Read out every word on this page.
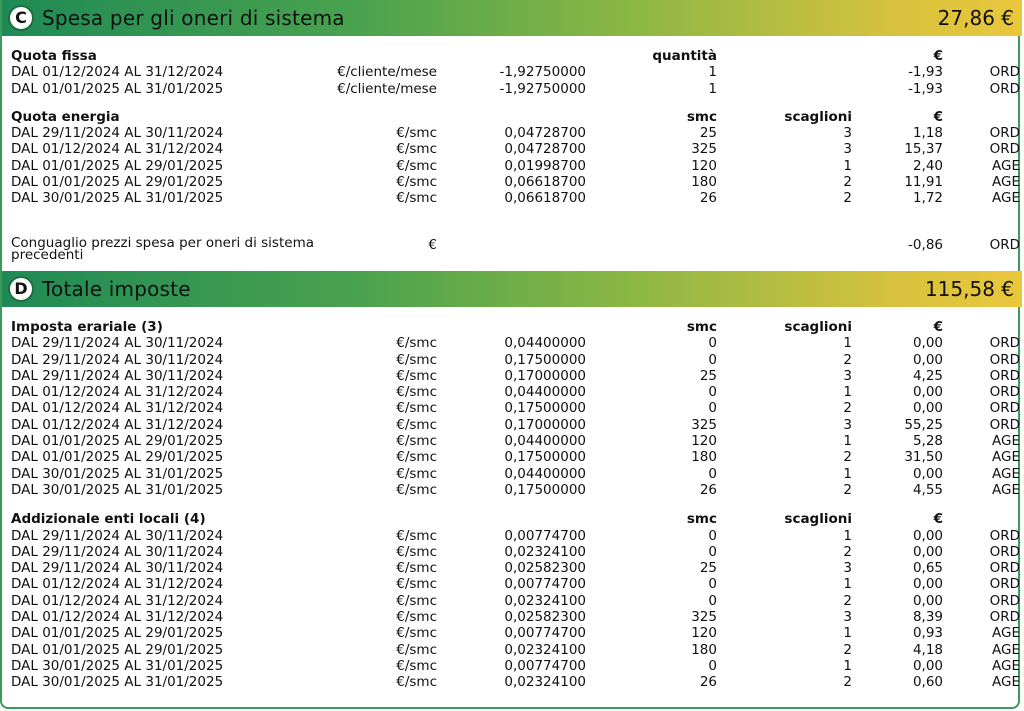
C Spesa per gli oneri di sistema	27,86 €
Quota fissa	quantità	€
DAL 01/12/2024 AL 31/12/2024	€/cliente/mese	-1,92750000	1	-1,93	ORD
DAL 01/01/2025 AL 31/01/2025	€/cliente/mese	-1,92750000	1	-1,93	ORD
Quota energia	smc	scaglioni	€
DAL 29/11/2024 AL 30/11/2024	€/smc	0,04728700	25	3	1,18	ORD
DAL 01/12/2024 AL 31/12/2024	€/smc	0,04728700	325	3	15,37	ORD
DAL 01/01/2025 AL 29/01/2025	€/smc	0,01998700	120	1	2,40	AGE
DAL 01/01/2025 AL 29/01/2025	€/smc	0,06618700	180	2	11,91	AGE
DAL 30/01/2025 AL 31/01/2025	€/smc	0,06618700	26	2	1,72	AGE
Conguaglio prezzi spesa per oneri di sistema precedenti
€	-0,86	ORD
D Totale imposte	115,58 €
Imposta erariale (3)	smc	scaglioni	€
DAL 29/11/2024 AL 30/11/2024	€/smc	0,04400000	0	1	0,00	ORD
DAL 29/11/2024 AL 30/11/2024	€/smc	0,17500000	0	2	0,00	ORD
DAL 29/11/2024 AL 30/11/2024	€/smc	0,17000000	25	3	4,25	ORD
DAL 01/12/2024 AL 31/12/2024	€/smc	0,04400000	0	1	0,00	ORD
DAL 01/12/2024 AL 31/12/2024	€/smc	0,17500000	0	2	0,00	ORD
DAL 01/12/2024 AL 31/12/2024	€/smc	0,17000000	325	3	55,25	ORD
DAL 01/01/2025 AL 29/01/2025	€/smc	0,04400000	120	1	5,28	AGE
DAL 01/01/2025 AL 29/01/2025	€/smc	0,17500000	180	2	31,50	AGE
DAL 30/01/2025 AL 31/01/2025	€/smc	0,04400000	0	1	0,00	AGE
DAL 30/01/2025 AL 31/01/2025	€/smc	0,17500000	26	2	4,55	AGE
Addizionale enti locali (4)	smc	scaglioni	€
DAL 29/11/2024 AL 30/11/2024	€/smc	0,00774700	0	1	0,00	ORD
DAL 29/11/2024 AL 30/11/2024	€/smc	0,02324100	0	2	0,00	ORD
DAL 29/11/2024 AL 30/11/2024	€/smc	0,02582300	25	3	0,65	ORD
DAL 01/12/2024 AL 31/12/2024	€/smc	0,00774700	0	1	0,00	ORD
DAL 01/12/2024 AL 31/12/2024	€/smc	0,02324100	0	2	0,00	ORD
DAL 01/12/2024 AL 31/12/2024	€/smc	0,02582300	325	3	8,39	ORD
DAL 01/01/2025 AL 29/01/2025	€/smc	0,00774700	120	1	0,93	AGE
DAL 01/01/2025 AL 29/01/2025	€/smc	0,02324100	180	2	4,18	AGE
DAL 30/01/2025 AL 31/01/2025	€/smc	0,00774700	0	1	0,00	AGE
DAL 30/01/2025 AL 31/01/2025	€/smc	0,02324100	26	2	0,60	AGE
